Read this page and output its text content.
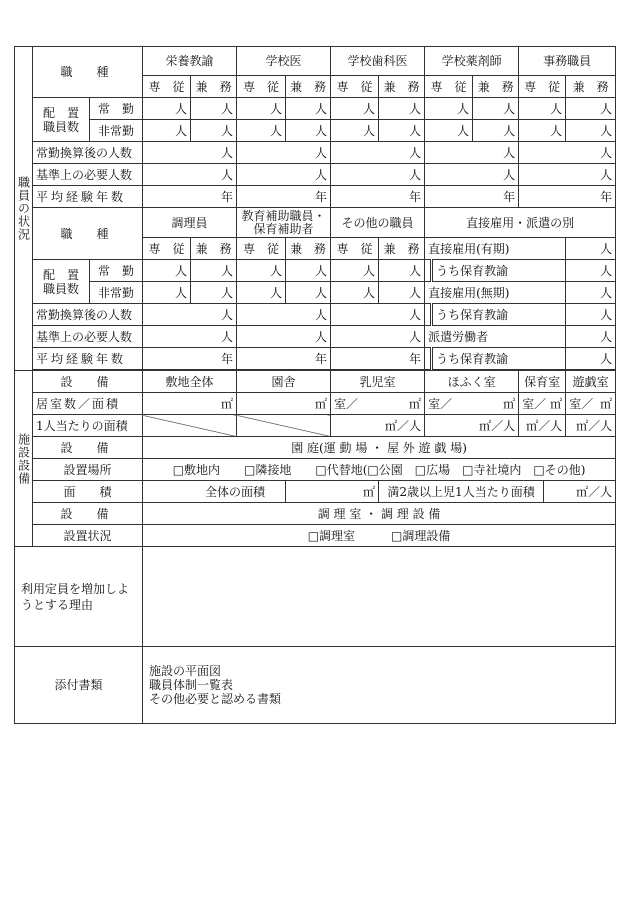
職員の状況	職　種		栄養教諭		学校医		学校歯科医		学校薬剤師			事務職員		
			専　従	兼　務	専　従	兼　務	専　従	兼　務	専　従		兼　務	専　従		兼　務
	配　置 職員数	常　勤	人	人	人	人	人	人	人		人	人		人
		非常勤	人	人	人	人	人	人	人		人	人		人
	常勤換算後の人数		人		人		人		人			人		
	基準上の必要人数		人		人		人		人			人		
	平均経験年数		年		年		年		年			年		
	職　種		調理員		教育補助職員・保育補助者		その他の職員		直接雇用・派遣の別					
			専　従	兼　務	専　従	兼　務	専　従	兼　務	直接雇用(有期)					人
	配　置 職員数	常　勤	人	人	人	人	人	人		うち保育教諭				人
		非常勤	人	人	人	人	人	人	直接雇用(無期)					人
	常勤換算後の人数		人		人		人			うち保育教諭				人
	基準上の必要人数		人		人		人		派遣労働者					人
	平均経験年数		年		年		年			うち保育教諭				人

施設設備	設　備		敷地全体		園舎		乳児室		ほふく室			保育室		遊戯室
	居室数／面積		㎡		㎡		室／ ㎡		室／ ㎡			室／ ㎡		室／ ㎡

	1人当たりの面積						㎡／人		㎡／人			㎡／人		㎡／人
	設　備		園 庭(運 動 場 ・ 屋 外 遊 戯 場)											
	設置場所		□敷地内　　□隣接地　　□代替地(□公園　□広場　□寺社境内　□その他)											
	面　　積		全体の面積			㎡		満2歳以上児1人当たり面積					㎡／人	
	設　備		調 理 室 ・ 調 理 設 備											
	設置状況		□調理室　　　□調理設備											
利用定員を増加しようとする理由														
添付書類			施設の平面図
職員体制一覧表
その他必要と認める書類											
